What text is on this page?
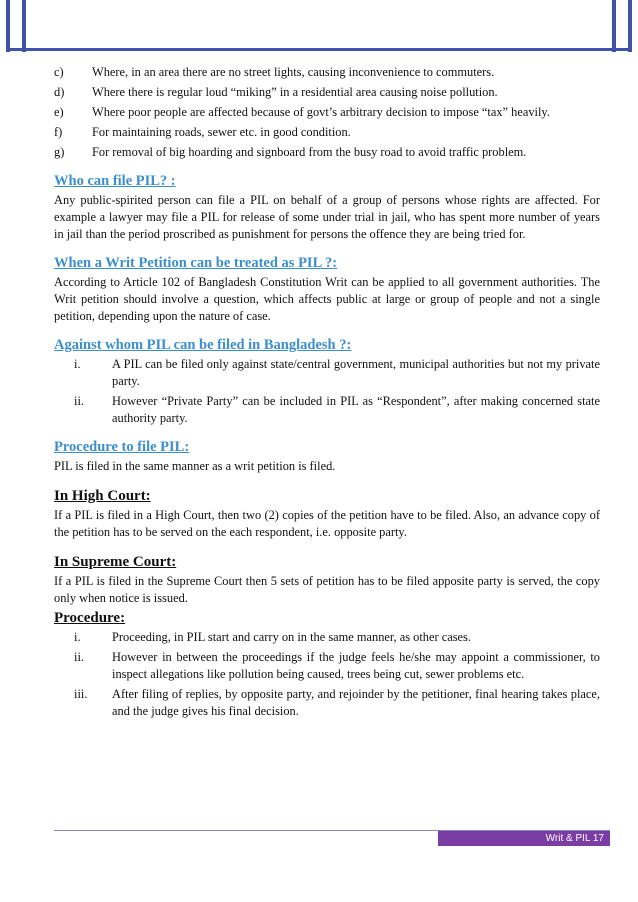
c)	Where, in an area there are no street lights, causing inconvenience to commuters.
d)	Where there is regular loud “miking” in a residential area causing noise pollution.
e)	Where poor people are affected because of govt’s arbitrary decision to impose “tax” heavily.
f)	For maintaining roads, sewer etc. in good condition.
g)	For removal of big hoarding and signboard from the busy road to avoid traffic problem.
Who can file PIL? :
Any public-spirited person can file a PIL on behalf of a group of persons whose rights are affected. For example a lawyer may file a PIL for release of some under trial in jail, who has spent more number of years in jail than the period proscribed as punishment for persons the offence they are being tried for.
When a Writ Petition can be treated as PIL ?:
According to Article 102 of Bangladesh Constitution Writ can be applied to all government authorities. The Writ petition should involve a question, which affects public at large or group of people and not a single petition, depending upon the nature of case.
Against whom PIL can be filed in Bangladesh ?:
i.	A PIL can be filed only against state/central government, municipal authorities but not my private party.
ii.	However “Private Party” can be included in PIL as “Respondent”, after making concerned state authority party.
Procedure to file PIL:
PIL is filed in the same manner as a writ petition is filed.
In High Court:
If a PIL is filed in a High Court, then two (2) copies of the petition have to be filed. Also, an advance copy of the petition has to be served on the each respondent, i.e. opposite party.
In Supreme Court:
If a PIL is filed in the Supreme Court then 5 sets of petition has to be filed apposite party is served, the copy only when notice is issued.
Procedure:
i.	Proceeding, in PIL start and carry on in the same manner, as other cases.
ii.	However in between the proceedings if the judge feels he/she may appoint a commissioner, to inspect allegations like pollution being caused, trees being cut, sewer problems etc.
iii.	After filing of replies, by opposite party, and rejoinder by the petitioner, final hearing takes place, and the judge gives his final decision.
Writ & PIL 17
